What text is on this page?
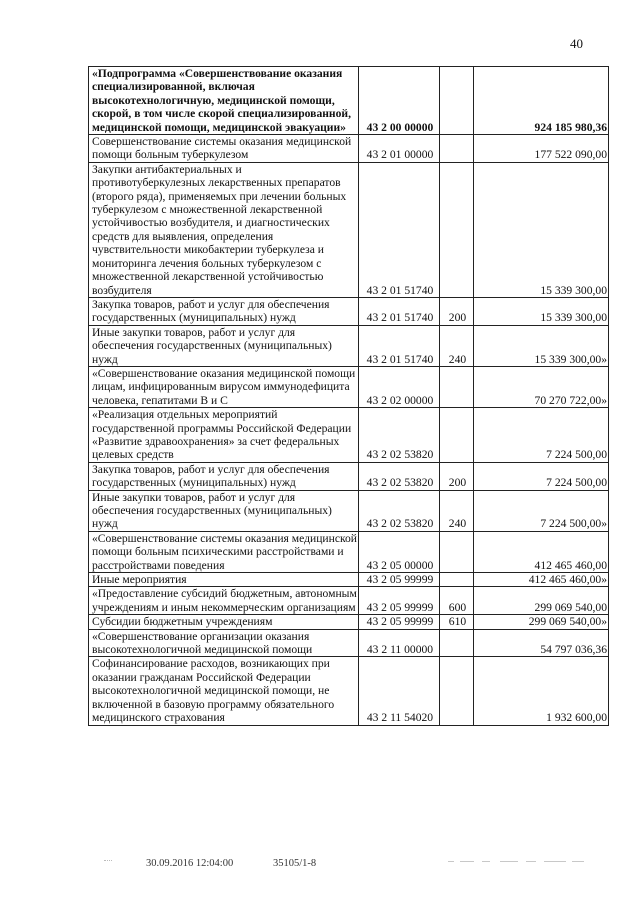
40
«Подпрограмма «Совершенствование оказания специализированной, включая высокотехнологичную, медицинской помощи, скорой, в том числе скорой специализированной, медицинской помощи, медицинской эвакуации»	43 2 00 00000		924 185 980,36
Совершенствование системы оказания медицинской помощи больным туберкулезом	43 2 01 00000		177 522 090,00
Закупки антибактериальных и противотуберкулезных лекарственных препаратов (второго ряда), применяемых при лечении больных туберкулезом с множественной лекарственной устойчивостью возбудителя, и диагностических средств для выявления, определения чувствительности микобактерии туберкулеза и мониторинга лечения больных туберкулезом с множественной лекарственной устойчивостью возбудителя	43 2 01 51740		15 339 300,00
Закупка товаров, работ и услуг для обеспечения государственных (муниципальных) нужд	43 2 01 51740	200	15 339 300,00
Иные закупки товаров, работ и услуг для обеспечения государственных (муниципальных) нужд	43 2 01 51740	240	15 339 300,00»
«Совершенствование оказания медицинской помощи лицам, инфицированным вирусом иммунодефицита человека, гепатитами В и С	43 2 02 00000		70 270 722,00»
«Реализация отдельных мероприятий государственной программы Российской Федерации «Развитие здравоохранения» за счет федеральных целевых средств	43 2 02 53820		7 224 500,00
Закупка товаров, работ и услуг для обеспечения государственных (муниципальных) нужд	43 2 02 53820	200	7 224 500,00
Иные закупки товаров, работ и услуг для обеспечения государственных (муниципальных) нужд	43 2 02 53820	240	7 224 500,00»
«Совершенствование системы оказания медицинской помощи больным психическими расстройствами и расстройствами поведения	43 2 05 00000		412 465 460,00
Иные мероприятия	43 2 05 99999		412 465 460,00»
«Предоставление субсидий бюджетным, автономным учреждениям и иным некоммерческим организациям	43 2 05 99999	600	299 069 540,00
Субсидии бюджетным учреждениям	43 2 05 99999	610	299 069 540,00»
«Совершенствование организации оказания высокотехнологичной медицинской помощи	43 2 11 00000		54 797 036,36
Софинансирование расходов, возникающих при оказании гражданам Российской Федерации высокотехнологичной медицинской помощи, не включенной в базовую программу обязательного медицинского страхования	43 2 11 54020		1 932 600,00
30.09.2016 12:04:00	35105/1-8
